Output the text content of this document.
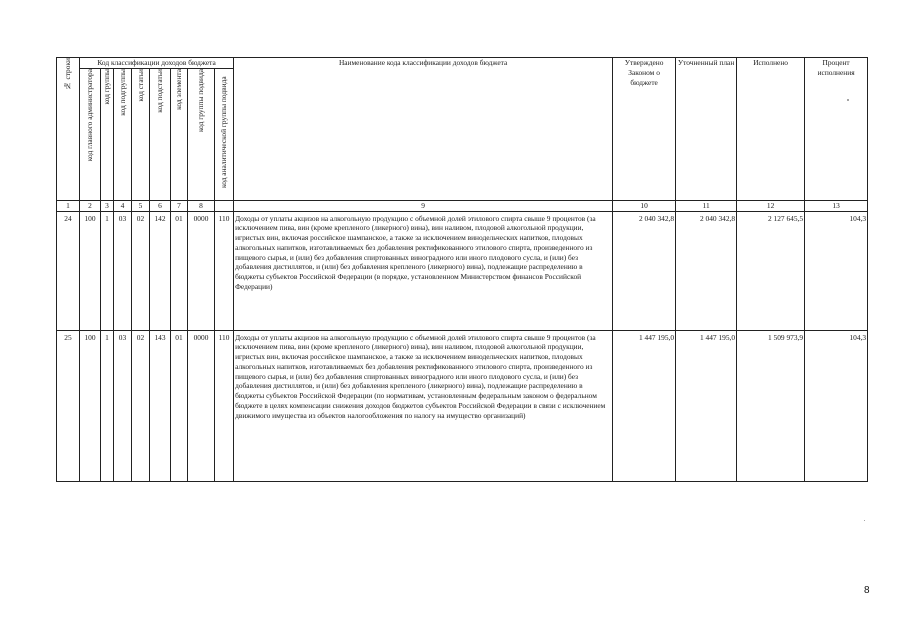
№ строки	Код классификации доходов бюджета								Наименование кода классификации доходов бюджета	Утверждено Законом о бюджете	Уточненный план	Исполнено	Процент исполнения

	код главного администратора	код группы	код подгруппы	код статьи	код подстатьи	код элемента	код группы подвида	код аналитической группы подвида					

1	2	3	4	5	6	7	8		9	10	11	12	13
24	100	1	03	02	142	01	0000	110	Доходы от уплаты акцизов на алкогольную продукцию с объемной долей этилового спирта свыше 9 процентов (за исключением пива, вин (кроме крепленого (ликерного) вина), вин наливом, плодовой алкогольной продукции, игристых вин, включая российское шампанское, а также за исключением винодельческих напитков, плодовых алкогольных напитков, изготавливаемых без добавления ректификованного этилового спирта, произведенного из пищевого сырья, и (или) без добавления спиртованных виноградного или иного плодового сусла, и (или) без добавления дистиллятов, и (или) без добавления крепленого (ликерного) вина), подлежащие распределению в бюджеты субъектов Российской Федерации (в порядке, установленном Министерством финансов Российской Федерации)	2 040 342,8	2 040 342,8	2 127 645,5	104,3
25	100	1	03	02	143	01	0000	110	Доходы от уплаты акцизов на алкогольную продукцию с объемной долей этилового спирта свыше 9 процентов (за исключением пива, вин (кроме крепленого (ликерного) вина), вин наливом, плодовой алкогольной продукции, игристых вин, включая российское шампанское, а также за исключением винодельческих напитков, плодовых алкогольных напитков, изготавливаемых без добавления ректификованного этилового спирта, произведенного из пищевого сырья, и (или) без добавления спиртованных виноградного или иного плодового сусла, и (или) без добавления дистиллятов, и (или) без добавления крепленого (ликерного) вина), подлежащие распределению в бюджеты субъектов Российской Федерации (по нормативам, установленным федеральным законом о федеральном бюджете в целях компенсации снижения доходов бюджетов субъектов Российской Федерации в связи с исключением движимого имущества из объектов налогообложения по налогу на имущество организаций)	1 447 195,0	1 447 195,0	1 509 973,9	104,3
8
